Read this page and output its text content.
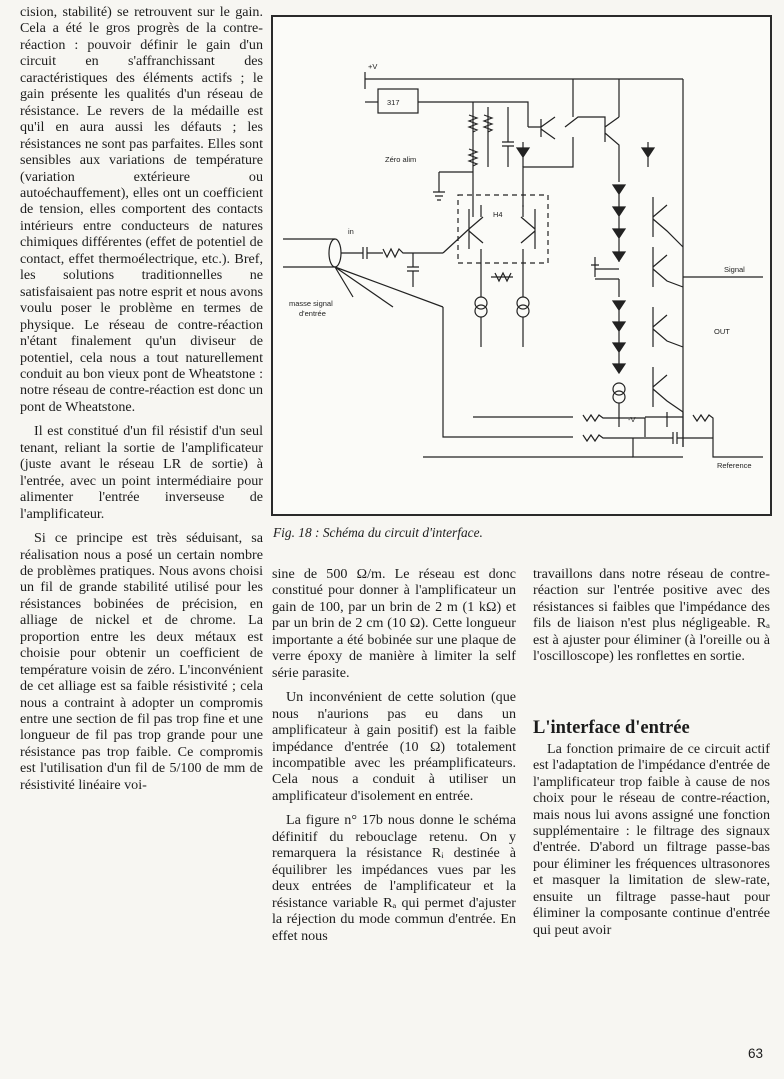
cision, stabilité) se retrouvent sur le gain. Cela a été le gros progrès de la contre-réaction : pouvoir définir le gain d'un circuit en s'affranchissant des caractéristiques des éléments actifs ; le gain présente les qualités d'un réseau de résistance. Le revers de la médaille est qu'il en aura aussi les défauts ; les résistances ne sont pas parfaites. Elles sont sensibles aux variations de température (variation extérieure ou autoéchauffement), elles ont un coefficient de tension, elles comportent des contacts intérieurs entre conducteurs de natures chimiques différentes (effet de potentiel de contact, effet thermoélectrique, etc.). Bref, les solutions traditionnelles ne satisfaisaient pas notre esprit et nous avons voulu poser le problème en termes de physique. Le réseau de contre-réaction n'étant finalement qu'un diviseur de potentiel, cela nous a tout naturellement conduit au bon vieux pont de Wheatstone : notre réseau de contre-réaction est donc un pont de Wheatstone.

Il est constitué d'un fil résistif d'un seul tenant, reliant la sortie de l'amplificateur (juste avant le réseau LR de sortie) à l'entrée, avec un point intermédiaire pour alimenter l'entrée inverseuse de l'amplificateur.

Si ce principe est très séduisant, sa réalisation nous a posé un certain nombre de problèmes pratiques. Nous avons choisi un fil de grande stabilité utilisé pour les résistances bobinées de précision, en alliage de nickel et de chrome. La proportion entre les deux métaux est choisie pour obtenir un coefficient de température voisin de zéro. L'inconvénient de cet alliage est sa faible résistivité ; cela nous a contraint à adopter un compromis entre une section de fil pas trop fine et une longueur de fil pas trop grande pour une résistance pas trop faible. Ce compromis est l'utilisation d'un fil de 5/100 de mm de résistivité linéaire voi-

+V
317
Zéro alim
H4
in
masse signal
d'entrée
Signal
OUT
-V
Reference
Fig. 18 : Schéma du circuit d'interface.

sine de 500 Ω/m. Le réseau est donc constitué pour donner à l'amplificateur un gain de 100, par un brin de 2 m (1 kΩ) et par un brin de 2 cm (10 Ω). Cette longueur importante a été bobinée sur une plaque de verre époxy de manière à limiter la self série parasite.

Un inconvénient de cette solution (que nous n'aurions pas eu dans un amplificateur à gain positif) est la faible impédance d'entrée (10 Ω) totalement incompatible avec les préamplificateurs. Cela nous a conduit à utiliser un amplificateur d'isolement en entrée.

La figure n° 17b nous donne le schéma définitif du rebouclage retenu. On y remarquera la résistance Rᵢ destinée à équilibrer les impédances vues par les deux entrées de l'amplificateur et la résistance variable Rₐ qui permet d'ajuster la réjection du mode commun d'entrée. En effet nous

travaillons dans notre réseau de contre-réaction sur l'entrée positive avec des résistances si faibles que l'impédance des fils de liaison n'est plus négligeable. Rₐ est à ajuster pour éliminer (à l'oreille ou à l'oscilloscope) les ronflettes en sortie.

L'interface d'entrée

La fonction primaire de ce circuit actif est l'adaptation de l'impédance d'entrée de l'amplificateur trop faible à cause de nos choix pour le réseau de contre-réaction, mais nous lui avons assigné une fonction supplémentaire : le filtrage des signaux d'entrée. D'abord un filtrage passe-bas pour éliminer les fréquences ultrasonores et masquer la limitation de slew-rate, ensuite un filtrage passe-haut pour éliminer la composante continue d'entrée qui peut avoir

63
